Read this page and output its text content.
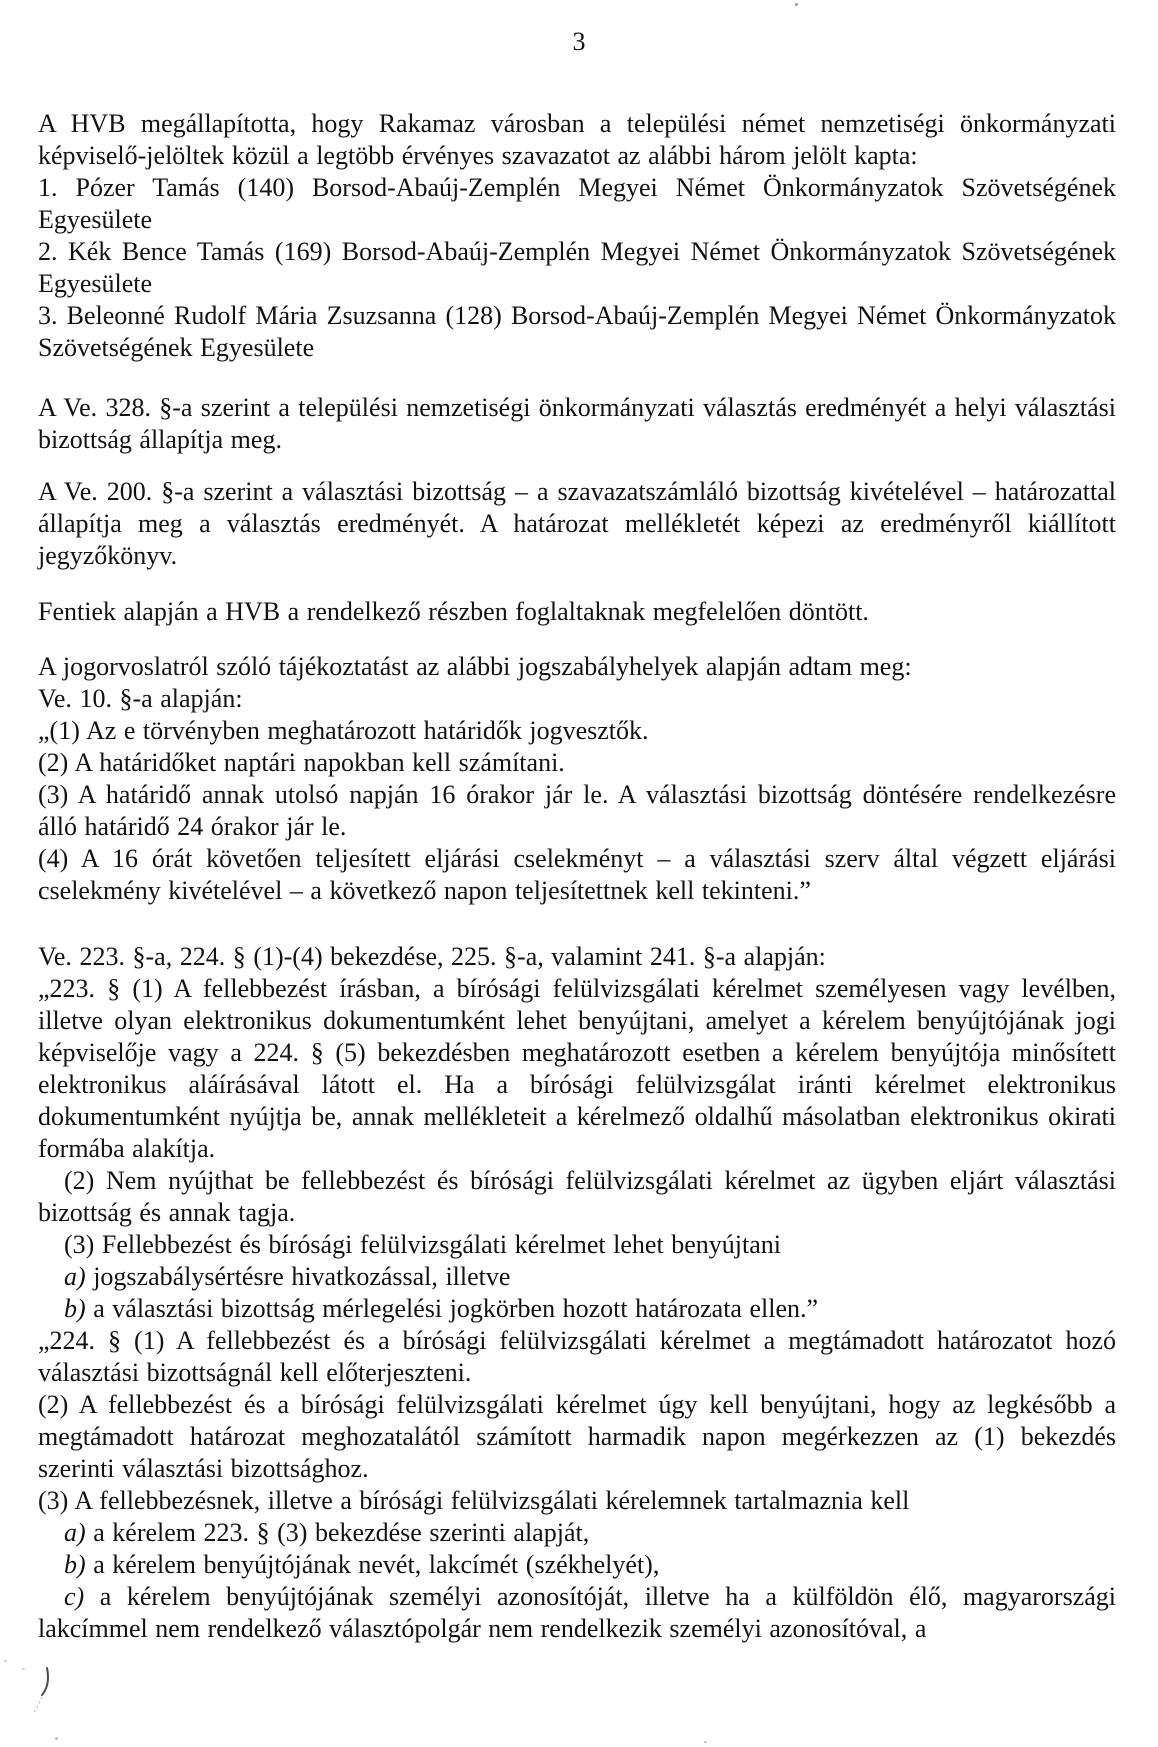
3

A HVB megállapította, hogy Rakamaz városban a települési német nemzetiségi önkormányzati képviselő-jelöltek közül a legtöbb érvényes szavazatot az alábbi három jelölt kapta:

1. Pózer Tamás (140) Borsod-Abaúj-Zemplén Megyei Német Önkormányzatok Szövetségének Egyesülete

2. Kék Bence Tamás (169) Borsod-Abaúj-Zemplén Megyei Német Önkormányzatok Szövetségének Egyesülete

3. Beleonné Rudolf Mária Zsuzsanna (128) Borsod-Abaúj-Zemplén Megyei Német Önkormányzatok Szövetségének Egyesülete

A Ve. 328. §-a szerint a települési nemzetiségi önkormányzati választás eredményét a helyi választási bizottság állapítja meg.

A Ve. 200. §-a szerint a választási bizottság – a szavazatszámláló bizottság kivételével – határozattal állapítja meg a választás eredményét. A határozat mellékletét képezi az eredményről kiállított jegyzőkönyv.

Fentiek alapján a HVB a rendelkező részben foglaltaknak megfelelően döntött.

A jogorvoslatról szóló tájékoztatást az alábbi jogszabályhelyek alapján adtam meg:

Ve. 10. §-a alapján:

„(1) Az e törvényben meghatározott határidők jogvesztők.

(2) A határidőket naptári napokban kell számítani.

(3) A határidő annak utolsó napján 16 órakor jár le. A választási bizottság döntésére rendelkezésre álló határidő 24 órakor jár le.

(4) A 16 órát követően teljesített eljárási cselekményt – a választási szerv által végzett eljárási cselekmény kivételével – a következő napon teljesítettnek kell tekinteni.”

Ve. 223. §-a, 224. § (1)-(4) bekezdése, 225. §-a, valamint 241. §-a alapján:

„223. § (1) A fellebbezést írásban, a bírósági felülvizsgálati kérelmet személyesen vagy levélben, illetve olyan elektronikus dokumentumként lehet benyújtani, amelyet a kérelem benyújtójának jogi képviselője vagy a 224. § (5) bekezdésben meghatározott esetben a kérelem benyújtója minősített elektronikus aláírásával látott el. Ha a bírósági felülvizsgálat iránti kérelmet elektronikus dokumentumként nyújtja be, annak mellékleteit a kérelmező oldalhű másolatban elektronikus okirati formába alakítja.

(2) Nem nyújthat be fellebbezést és bírósági felülvizsgálati kérelmet az ügyben eljárt választási bizottság és annak tagja.

(3) Fellebbezést és bírósági felülvizsgálati kérelmet lehet benyújtani

a) jogszabálysértésre hivatkozással, illetve

b) a választási bizottság mérlegelési jogkörben hozott határozata ellen.”

„224. § (1) A fellebbezést és a bírósági felülvizsgálati kérelmet a megtámadott határozatot hozó választási bizottságnál kell előterjeszteni.

(2) A fellebbezést és a bírósági felülvizsgálati kérelmet úgy kell benyújtani, hogy az legkésőbb a megtámadott határozat meghozatalától számított harmadik napon megérkezzen az (1) bekezdés szerinti választási bizottsághoz.

(3) A fellebbezésnek, illetve a bírósági felülvizsgálati kérelemnek tartalmaznia kell

a) a kérelem 223. § (3) bekezdése szerinti alapját,

b) a kérelem benyújtójának nevét, lakcímét (székhelyét),

c) a kérelem benyújtójának személyi azonosítóját, illetve ha a külföldön élő, magyarországi lakcímmel nem rendelkező választópolgár nem rendelkezik személyi azonosítóval, a
